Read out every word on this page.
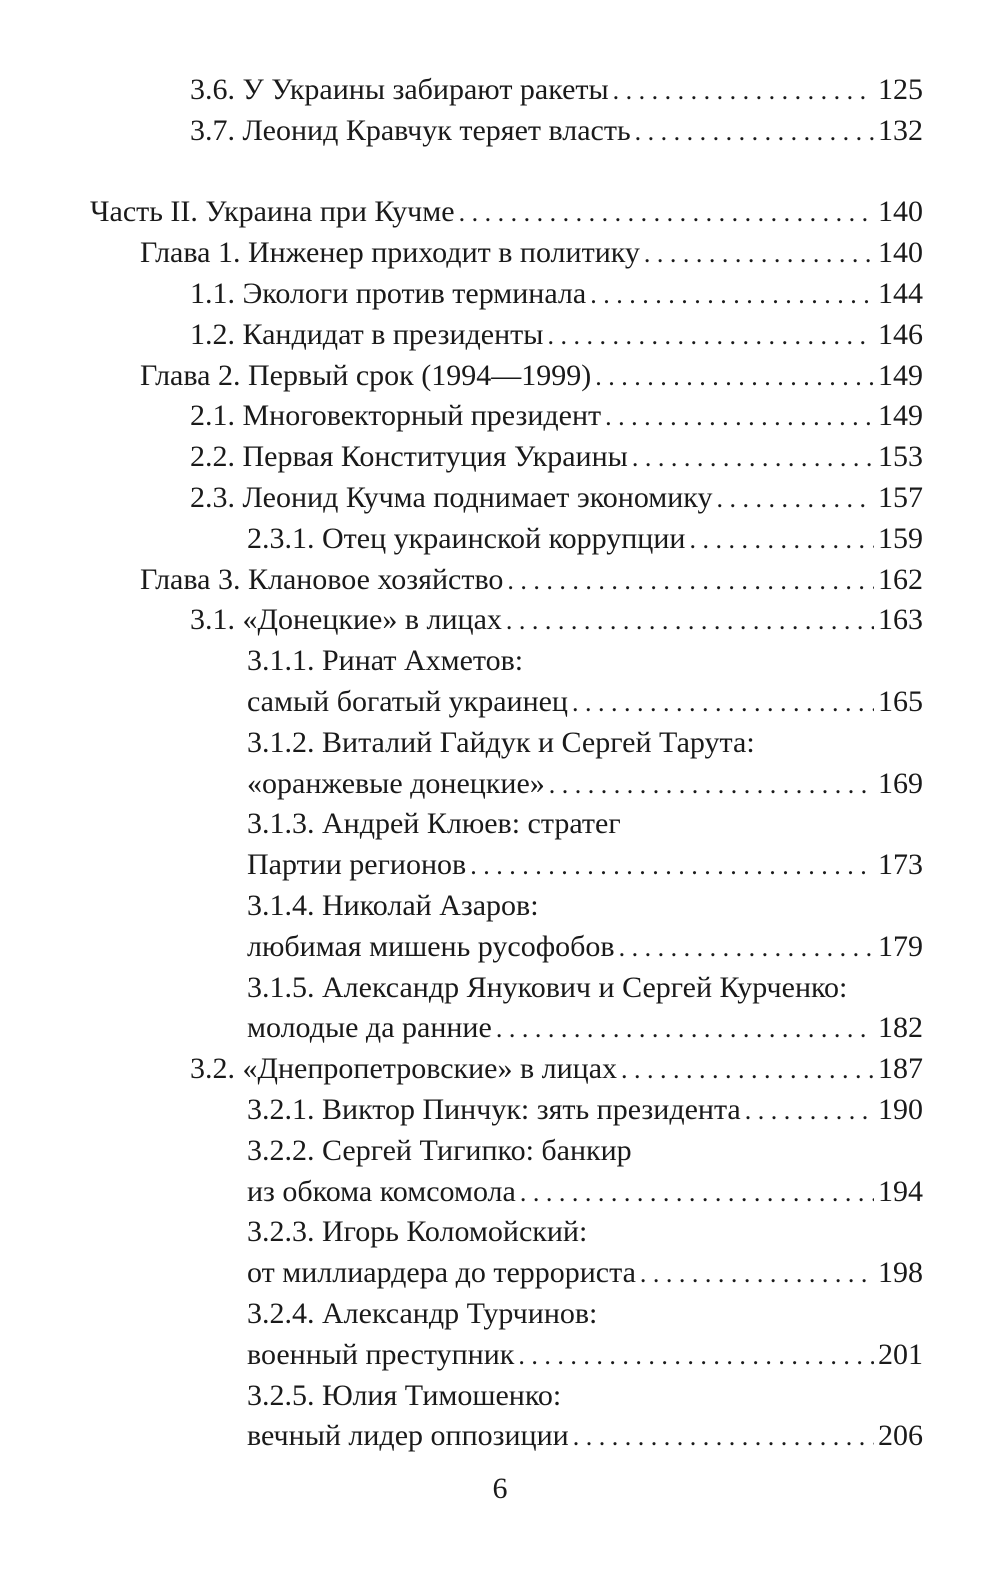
3.6. У Украины забирают ракеты . . .	125
3.7. Леонид Кравчук теряет власть . . .	132
Часть II. Украина при Кучме . . .	140
Глава 1. Инженер приходит в политику . . .	140
1.1. Экологи против терминала . . .	144
1.2. Кандидат в президенты . . .	146
Глава 2. Первый срок (1994—1999) . . .	149
2.1. Многовекторный президент . . .	149
2.2. Первая Конституция Украины . . .	153
2.3. Леонид Кучма поднимает экономику . . .	157
2.3.1. Отец украинской коррупции . . .	159
Глава 3. Клановое хозяйство . . .	162
3.1. «Донецкие» в лицах . . .	163
3.1.1. Ринат Ахметов:
самый богатый украинец . . .	165
3.1.2. Виталий Гайдук и Сергей Тарута:
«оранжевые донецкие» . . .	169
3.1.3. Андрей Клюев: стратег
Партии регионов . . .	173
3.1.4. Николай Азаров:
любимая мишень русофобов . . .	179
3.1.5. Александр Янукович и Сергей Курченко:
молодые да ранние . . .	182
3.2. «Днепропетровские» в лицах . . .	187
3.2.1. Виктор Пинчук: зять президента . . .	190
3.2.2. Сергей Тигипко: банкир
из обкома комсомола . . .	194
3.2.3. Игорь Коломойский:
от миллиардера до террориста . . .	198
3.2.4. Александр Турчинов:
военный преступник . . .	201
3.2.5. Юлия Тимошенко:
вечный лидер оппозиции . . .	206
6
